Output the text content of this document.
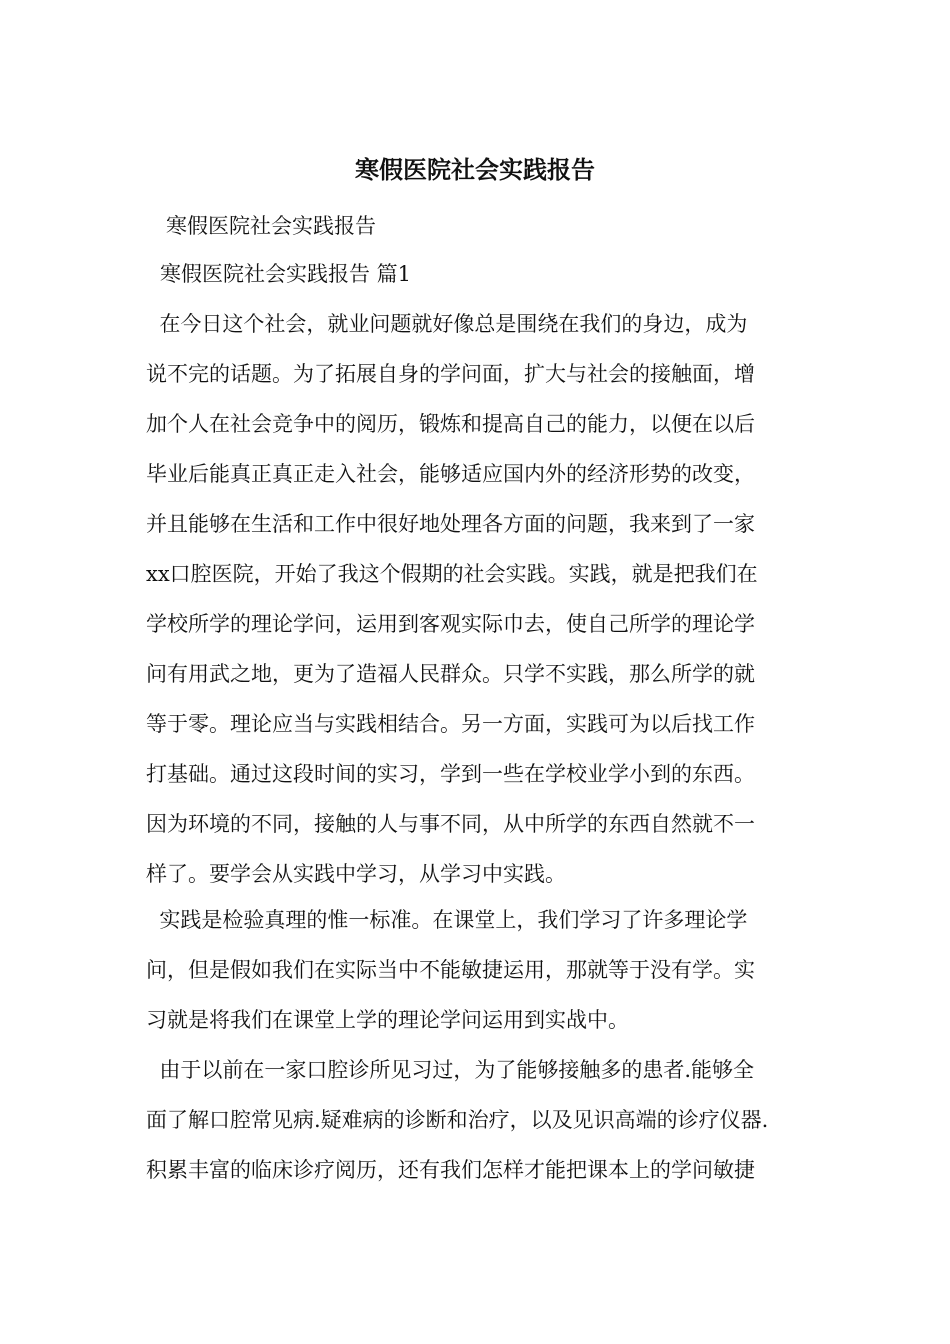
寒假医院社会实践报告

寒假医院社会实践报告

寒假医院社会实践报告 篇1

在今日这个社会，就业问题就好像总是围绕在我们的身边，成为
说不完的话题。为了拓展自身的学问面，扩大与社会的接触面，增
加个人在社会竞争中的阅历，锻炼和提高自己的能力，以便在以后
毕业后能真正真正走入社会，能够适应国内外的经济形势的改变，
并且能够在生活和工作中很好地处理各方面的问题，我来到了一家
xx口腔医院，开始了我这个假期的社会实践。实践，就是把我们在
学校所学的理论学问，运用到客观实际巾去，使自己所学的理论学
问有用武之地，更为了造福人民群众。只学不实践，那么所学的就
等于零。理论应当与实践相结合。另一方面，实践可为以后找工作
打基础。通过这段时间的实习，学到一些在学校业学小到的东西。
因为环境的不同，接触的人与事不同，从中所学的东西自然就不一
样了。要学会从实践中学习，从学习中实践。
实践是检验真理的惟一标准。在课堂上，我们学习了许多理论学
问，但是假如我们在实际当中不能敏捷运用，那就等于没有学。实
习就是将我们在课堂上学的理论学问运用到实战中。
由于以前在一家口腔诊所见习过，为了能够接触多的患者.能够全
面了解口腔常见病.疑难病的诊断和治疗，以及见识高端的诊疗仪器.
积累丰富的临床诊疗阅历，还有我们怎样才能把课本上的学问敏捷
